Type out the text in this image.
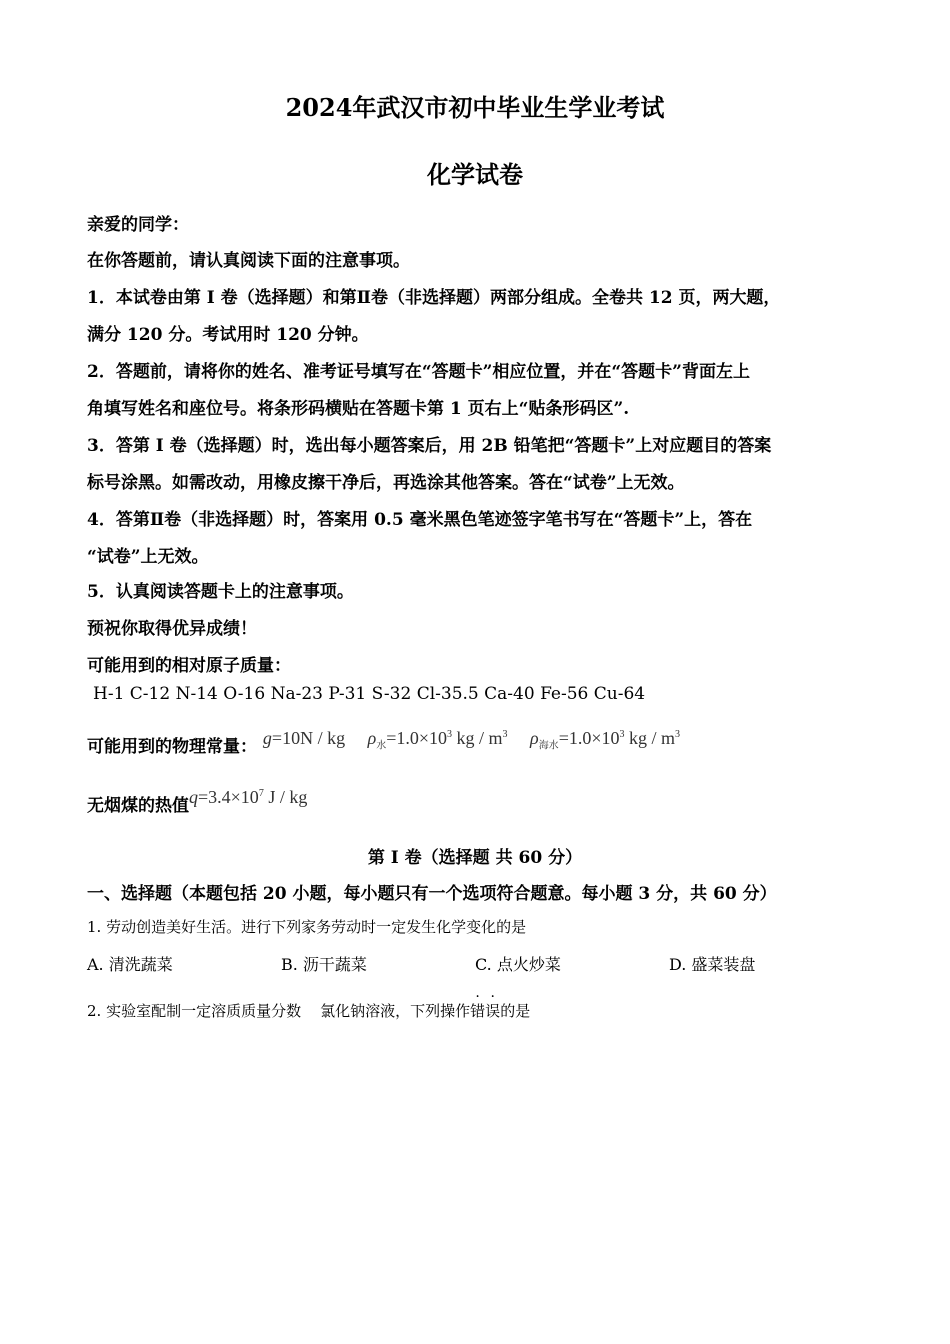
2024年武汉市初中毕业生学业考试
化学试卷
亲爱的同学：
在你答题前，请认真阅读下面的注意事项。
1．本试卷由第 I 卷（选择题）和第Ⅱ卷（非选择题）两部分组成。全卷共 12 页，两大题，
满分 120 分。考试用时 120 分钟。
2．答题前，请将你的姓名、准考证号填写在“答题卡”相应位置，并在“答题卡”背面左上
角填写姓名和座位号。将条形码横贴在答题卡第 1 页右上“贴条形码区”.
3．答第 I 卷（选择题）时，选出每小题答案后，用 2B 铅笔把“答题卡”上对应题目的答案
标号涂黑。如需改动，用橡皮擦干净后，再选涂其他答案。答在“试卷”上无效。
4．答第Ⅱ卷（非选择题）时，答案用 0.5 毫米黑色笔迹签字笔书写在“答题卡”上，答在
“试卷”上无效。
5．认真阅读答题卡上的注意事项。
预祝你取得优异成绩！
可能用到的相对原子质量：
H-1 C-12 N-14 O-16 Na-23 P-31 S-32 Cl-35.5 Ca-40 Fe-56 Cu-64
可能用到的物理常量： g=10N / kg $\rho_水=1.0\times 10^3$ kg / $m^3$ $\rho_{海水}=1.0\times 10^3$ kg / $m^3$
无烟煤的热值$q=3.4\times 10^7$ J / kg
第 I 卷（选择题 共 60 分）
一、选择题（本题包括 20 小题，每小题只有一个选项符合题意。每小题 3 分，共 60 分）
1. 劳动创造美好生活。进行下列家务劳动时一定发生化学变化的是
A. 清洗蔬菜	B. 沥干蔬菜	C. 点火炒菜	D. 盛菜装盘
2. 实验室配制一定溶质质量分数    氯化钠溶液，下列操作错误的是
